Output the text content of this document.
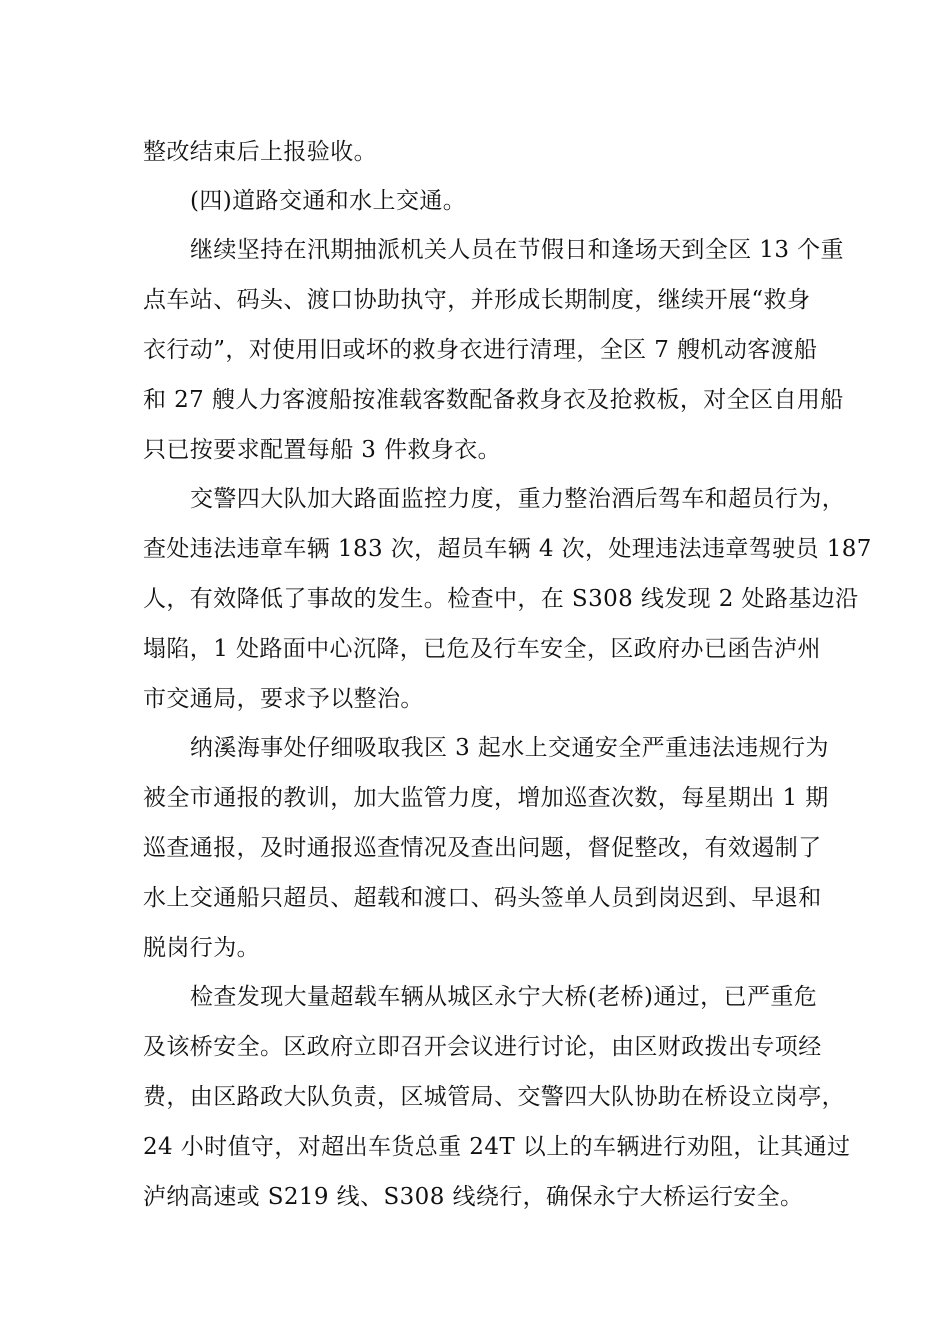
整改结束后上报验收。
(四)道路交通和水上交通。
继续坚持在汛期抽派机关人员在节假日和逢场天到全区 13 个重
点车站、码头、渡口协助执守，并形成长期制度，继续开展“救身
衣行动”，对使用旧或坏的救身衣进行清理，全区 7 艘机动客渡船
和 27 艘人力客渡船按准载客数配备救身衣及抢救板，对全区自用船
只已按要求配置每船 3 件救身衣。
交警四大队加大路面监控力度，重力整治酒后驾车和超员行为，
查处违法违章车辆 183 次，超员车辆 4 次，处理违法违章驾驶员 187
人，有效降低了事故的发生。检查中，在 S308 线发现 2 处路基边沿
塌陷，1 处路面中心沉降，已危及行车安全，区政府办已函告泸州
市交通局，要求予以整治。
纳溪海事处仔细吸取我区 3 起水上交通安全严重违法违规行为
被全市通报的教训，加大监管力度，增加巡查次数，每星期出 1 期
巡查通报，及时通报巡查情况及查出问题，督促整改，有效遏制了
水上交通船只超员、超载和渡口、码头签单人员到岗迟到、早退和
脱岗行为。
检查发现大量超载车辆从城区永宁大桥(老桥)通过，已严重危
及该桥安全。区政府立即召开会议进行讨论，由区财政拨出专项经
费，由区路政大队负责，区城管局、交警四大队协助在桥设立岗亭，
24 小时值守，对超出车货总重 24T 以上的车辆进行劝阻，让其通过
泸纳高速或 S219 线、S308 线绕行，确保永宁大桥运行安全。
